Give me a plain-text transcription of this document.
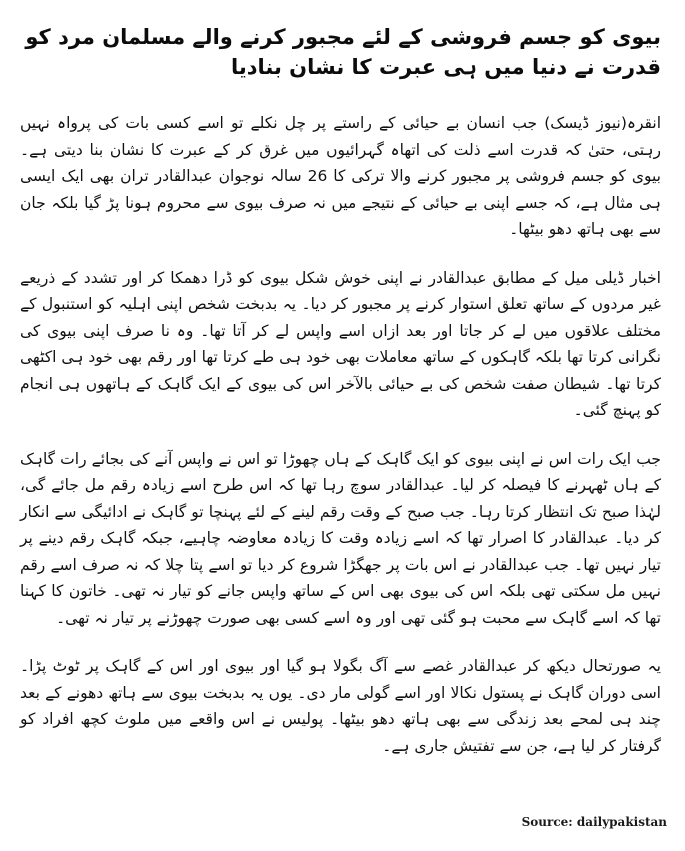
بیوی کو جسم فروشی کے لئے مجبور کرنے والے مسلمان مرد کو قدرت نے دنیا میں ہی عبرت کا نشان بنادیا

انقرہ(نیوز ڈیسک) جب انسان بے حیائی کے راستے پر چل نکلے تو اسے کسی بات کی پرواہ نہیں رہتی، حتیٰ کہ قدرت اسے ذلت کی اتھاہ گہرائیوں میں غرق کر کے عبرت کا نشان بنا دیتی ہے۔ بیوی کو جسم فروشی پر مجبور کرنے والا ترکی کا 26 سالہ نوجوان عبدالقادر تران بھی ایک ایسی ہی مثال ہے، کہ جسے اپنی بے حیائی کے نتیجے میں نہ صرف بیوی سے محروم ہونا پڑ گیا بلکہ جان سے بھی ہاتھ دھو بیٹھا۔

اخبار ڈیلی میل کے مطابق عبدالقادر نے اپنی خوش شکل بیوی کو ڈرا دھمکا کر اور تشدد کے ذریعے غیر مردوں کے ساتھ تعلق استوار کرنے پر مجبور کر دیا۔ یہ بدبخت شخص اپنی اہلیہ کو استنبول کے مختلف علاقوں میں لے کر جاتا اور بعد ازاں اسے واپس لے کر آتا تھا۔ وہ نا صرف اپنی بیوی کی نگرانی کرتا تھا بلکہ گاہکوں کے ساتھ معاملات بھی خود ہی طے کرتا تھا اور رقم بھی خود ہی اکٹھی کرتا تھا۔ شیطان صفت شخص کی بے حیائی بالآخر اس کی بیوی کے ایک گاہک کے ہاتھوں ہی انجام کو پہنچ گئی۔

جب ایک رات اس نے اپنی بیوی کو ایک گاہک کے ہاں چھوڑا تو اس نے واپس آنے کی بجائے رات گاہک کے ہاں ٹھہرنے کا فیصلہ کر لیا۔ عبدالقادر سوچ رہا تھا کہ اس طرح اسے زیادہ رقم مل جائے گی، لہٰذا صبح تک انتظار کرتا رہا۔ جب صبح کے وقت رقم لینے کے لئے پہنچا تو گاہک نے ادائیگی سے انکار کر دیا۔ عبدالقادر کا اصرار تھا کہ اسے زیادہ وقت کا زیادہ معاوضہ چاہیے، جبکہ گاہک رقم دینے پر تیار نہیں تھا۔ جب عبدالقادر نے اس بات پر جھگڑا شروع کر دیا تو اسے پتا چلا کہ نہ صرف اسے رقم نہیں مل سکتی تھی بلکہ اس کی بیوی بھی اس کے ساتھ واپس جانے کو تیار نہ تھی۔ خاتون کا کہنا تھا کہ اسے گاہک سے محبت ہو گئی تھی اور وہ اسے کسی بھی صورت چھوڑنے پر تیار نہ تھی۔

یہ صورتحال دیکھ کر عبدالقادر غصے سے آگ بگولا ہو گیا اور بیوی اور اس کے گاہک پر ٹوٹ پڑا۔ اسی دوران گاہک نے پستول نکالا اور اسے گولی مار دی۔ یوں یہ بدبخت بیوی سے ہاتھ دھونے کے بعد چند ہی لمحے بعد زندگی سے بھی ہاتھ دھو بیٹھا۔ پولیس نے اس واقعے میں ملوث کچھ افراد کو گرفتار کر لیا ہے، جن سے تفتیش جاری ہے۔

Source: dailypakistan
